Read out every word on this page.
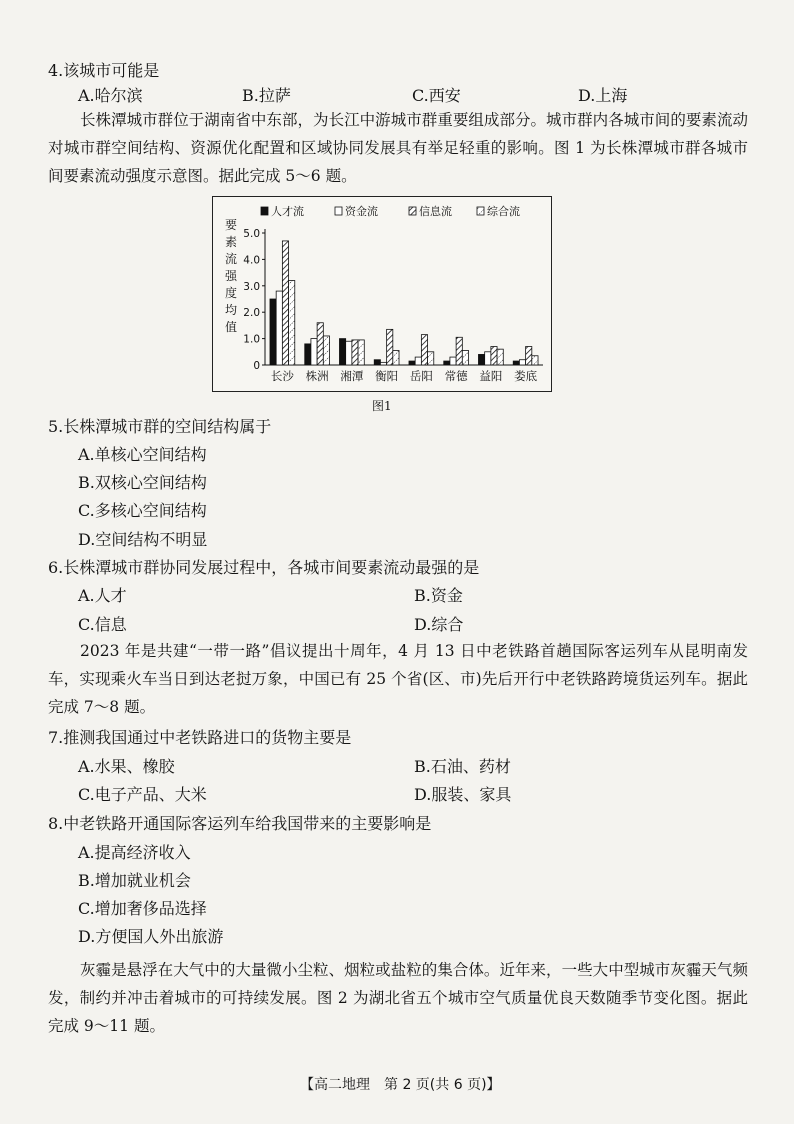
4.该城市可能是
A.哈尔滨	B.拉萨	C.西安	D.上海
长株潭城市群位于湖南省中东部，为长江中游城市群重要组成部分。城市群内各城市间的要素流动对城市群空间结构、资源优化配置和区域协同发展具有举足轻重的影响。图 1 为长株潭城市群各城市间要素流动强度示意图。据此完成 5～6 题。
人才流	资金流	信息流	综合流
要
素
流
强
度
均
值
0
1.0
2.0
3.0
4.0
5.0
长沙 株洲 湘潭 衡阳 岳阳 常德 益阳 娄底
图1
5.长株潭城市群的空间结构属于
A.单核心空间结构
B.双核心空间结构
C.多核心空间结构
D.空间结构不明显
6.长株潭城市群协同发展过程中，各城市间要素流动最强的是
A.人才	B.资金
C.信息	D.综合
2023 年是共建“一带一路”倡议提出十周年，4 月 13 日中老铁路首趟国际客运列车从昆明南发车，实现乘火车当日到达老挝万象，中国已有 25 个省(区、市)先后开行中老铁路跨境货运列车。据此完成 7～8 题。
7.推测我国通过中老铁路进口的货物主要是
A.水果、橡胶	B.石油、药材
C.电子产品、大米	D.服装、家具
8.中老铁路开通国际客运列车给我国带来的主要影响是
A.提高经济收入
B.增加就业机会
C.增加奢侈品选择
D.方便国人外出旅游
灰霾是悬浮在大气中的大量微小尘粒、烟粒或盐粒的集合体。近年来，一些大中型城市灰霾天气频发，制约并冲击着城市的可持续发展。图 2 为湖北省五个城市空气质量优良天数随季节变化图。据此完成 9～11 题。
【高二地理　第 2 页(共 6 页)】
